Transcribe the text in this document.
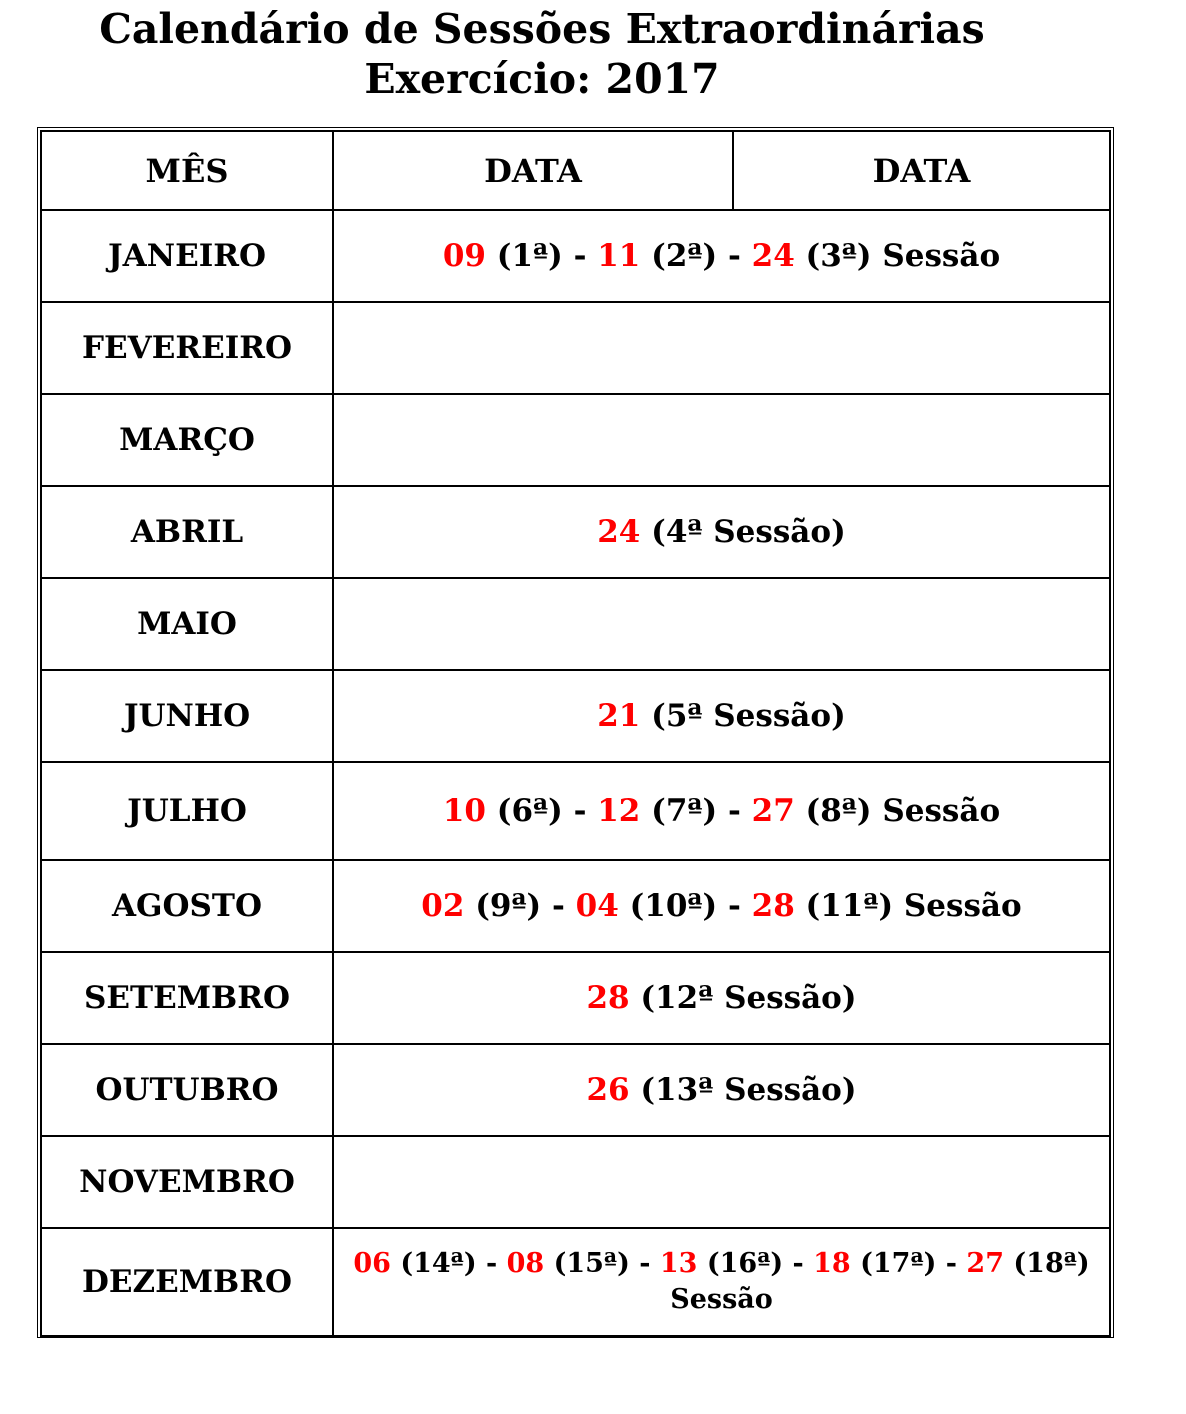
Calendário de Sessões Extraordinárias
Exercício: 2017
MÊS	DATA	DATA
JANEIRO	09 (1ª) - 11 (2ª) - 24 (3ª) Sessão	
FEVEREIRO		
MARÇO		
ABRIL	24 (4ª Sessão)	
MAIO		
JUNHO	21 (5ª Sessão)	
JULHO	10 (6ª) - 12 (7ª) - 27 (8ª) Sessão	
AGOSTO	02 (9ª) - 04 (10ª) - 28 (11ª) Sessão	
SETEMBRO	28 (12ª Sessão)	
OUTUBRO	26 (13ª Sessão)	
NOVEMBRO		
DEZEMBRO	06 (14ª) - 08 (15ª) - 13 (16ª) - 18 (17ª) - 27 (18ª) Sessão	
